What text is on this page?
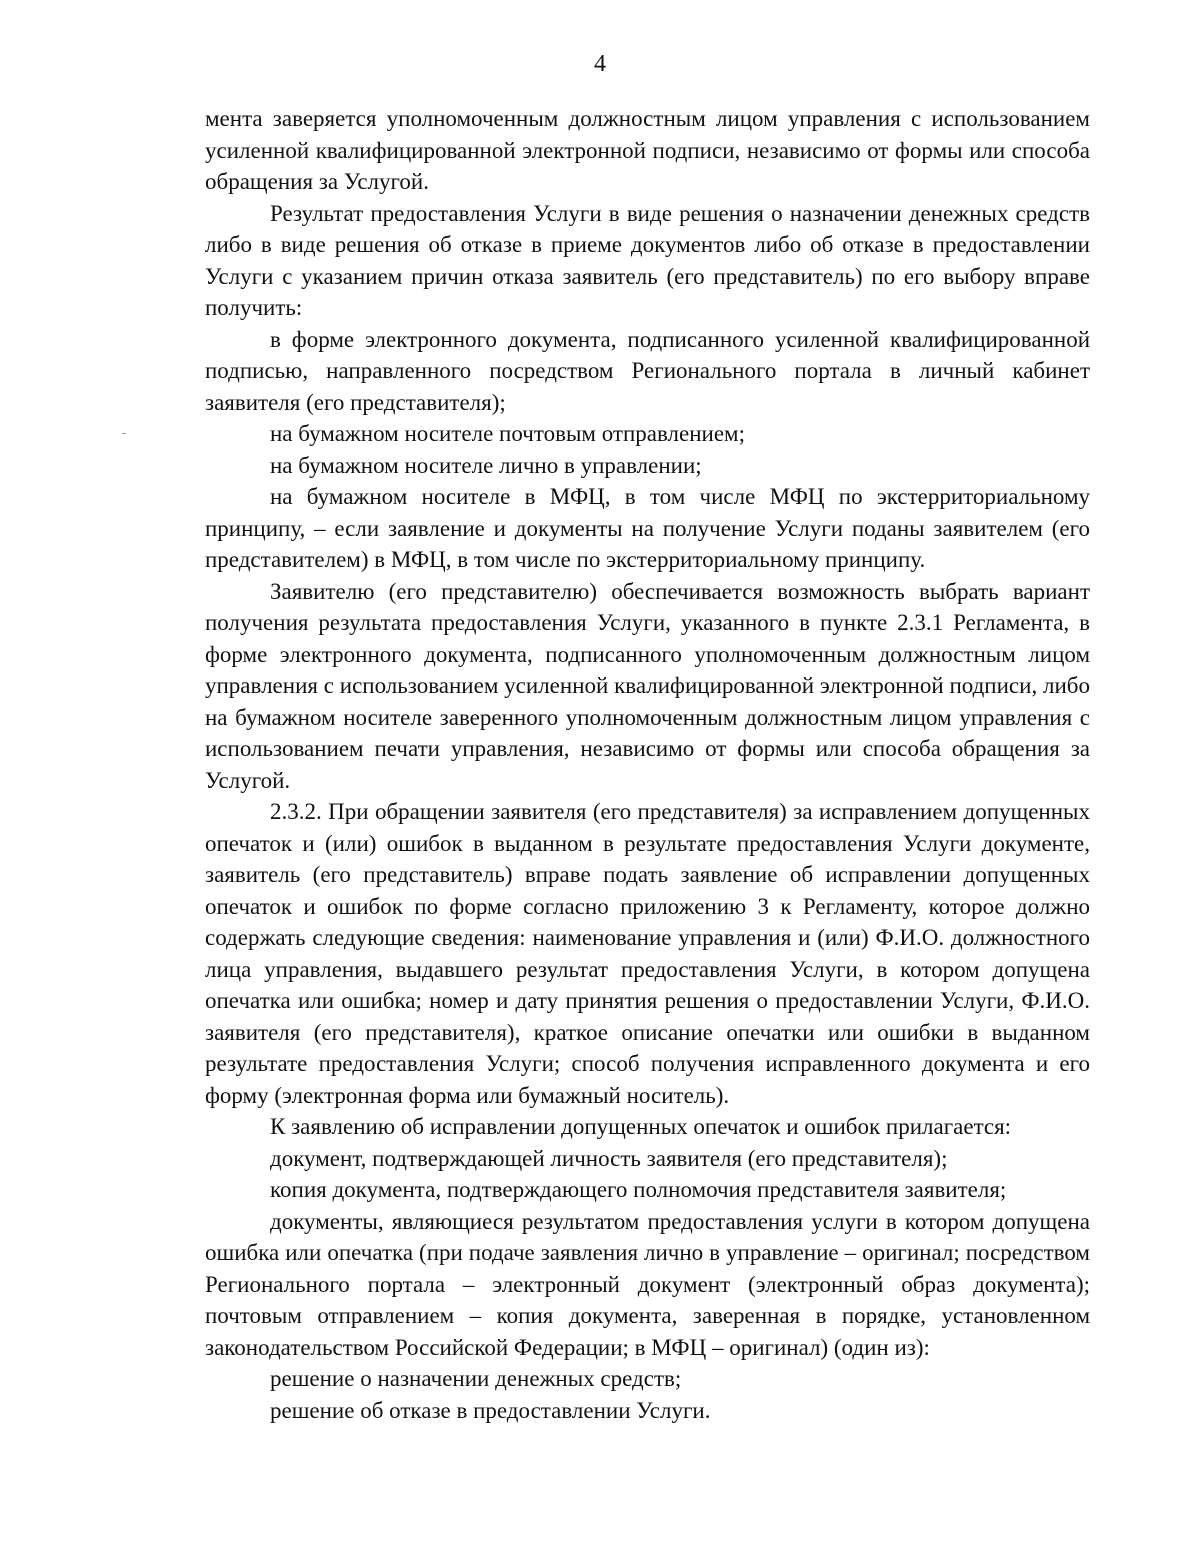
4

мента заверяется уполномоченным должностным лицом управления с использованием усиленной квалифицированной электронной подписи, независимо от формы или способа обращения за Услугой.

Результат предоставления Услуги в виде решения о назначении денежных средств либо в виде решения об отказе в приеме документов либо об отказе в предоставлении Услуги с указанием причин отказа заявитель (его представитель) по его выбору вправе получить:

в форме электронного документа, подписанного усиленной квалифицированной подписью, направленного посредством Регионального портала в личный кабинет заявителя (его представителя);

на бумажном носителе почтовым отправлением;

на бумажном носителе лично в управлении;

на бумажном носителе в МФЦ, в том числе МФЦ по экстерриториальному принципу, – если заявление и документы на получение Услуги поданы заявителем (его представителем) в МФЦ, в том числе по экстерриториальному принципу.

Заявителю (его представителю) обеспечивается возможность выбрать вариант получения результата предоставления Услуги, указанного в пункте 2.3.1 Регламента, в форме электронного документа, подписанного уполномоченным должностным лицом управления с использованием усиленной квалифицированной электронной подписи, либо на бумажном носителе заверенного уполномоченным должностным лицом управления с использованием печати управления, независимо от формы или способа обращения за Услугой.

2.3.2. При обращении заявителя (его представителя) за исправлением допущенных опечаток и (или) ошибок в выданном в результате предоставления Услуги документе, заявитель (его представитель) вправе подать заявление об исправлении допущенных опечаток и ошибок по форме согласно приложению 3 к Регламенту, которое должно содержать следующие сведения: наименование управления и (или) Ф.И.О. должностного лица управления, выдавшего результат предоставления Услуги, в котором допущена опечатка или ошибка; номер и дату принятия решения о предоставлении Услуги, Ф.И.О. заявителя (его представителя), краткое описание опечатки или ошибки в выданном результате предоставления Услуги; способ получения исправленного документа и его форму (электронная форма или бумажный носитель).

К заявлению об исправлении допущенных опечаток и ошибок прилагается:

документ, подтверждающей личность заявителя (его представителя);

копия документа, подтверждающего полномочия представителя заявителя;

документы, являющиеся результатом предоставления услуги в котором допущена ошибка или опечатка (при подаче заявления лично в управление – оригинал; посредством Регионального портала – электронный документ (электронный образ документа); почтовым отправлением – копия документа, заверенная в порядке, установленном законодательством Российской Федерации; в МФЦ – оригинал) (один из):

решение о назначении денежных средств;

решение об отказе в предоставлении Услуги.
